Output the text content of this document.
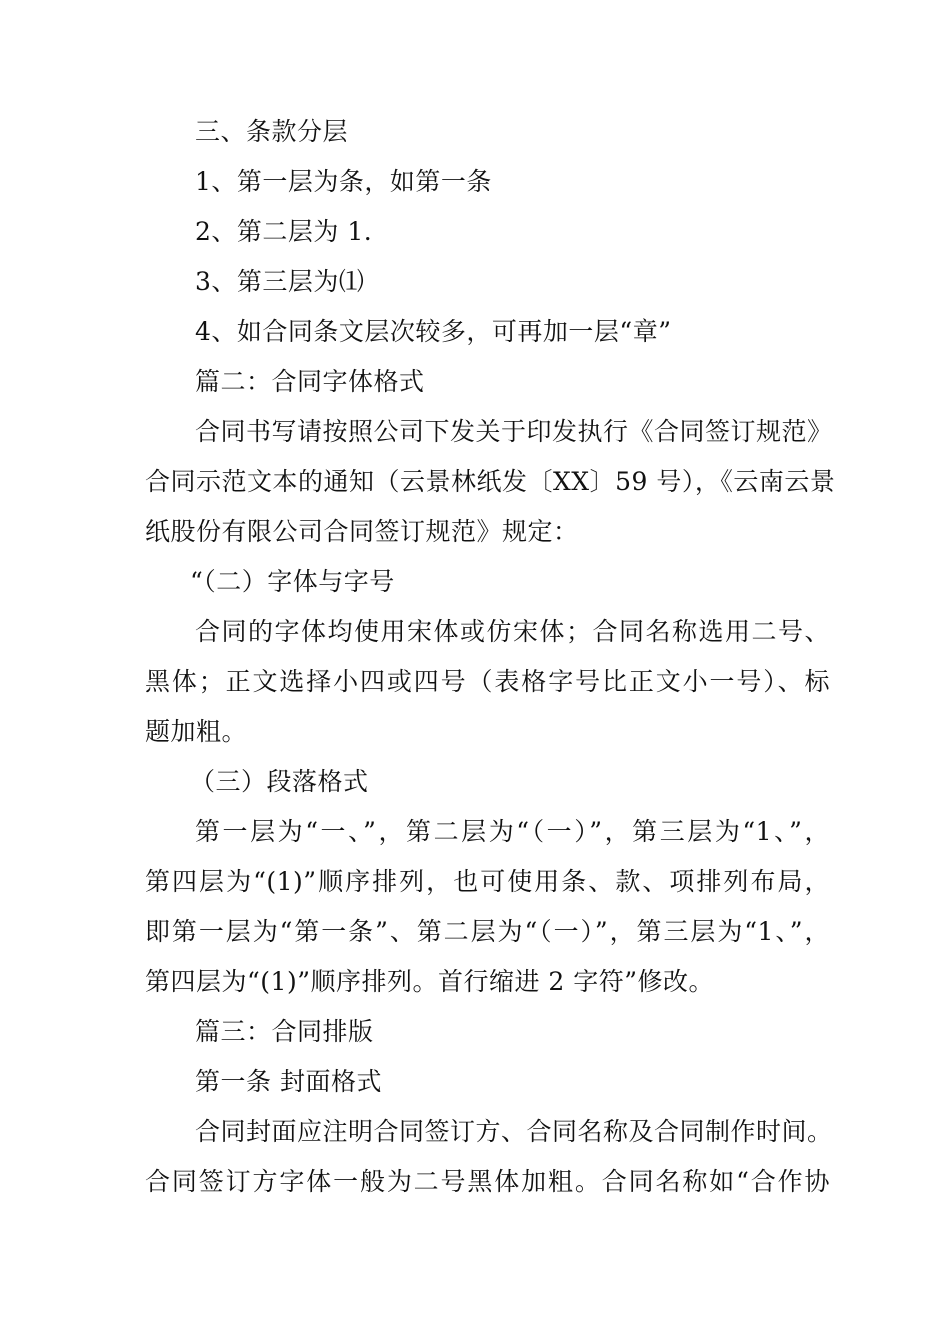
三、条款分层
1、第一层为条，如第一条
2、第二层为 1.
3、第三层为⑴
4、如合同条文层次较多，可再加一层“章”
篇二：合同字体格式
合同书写请按照公司下发关于印发执行《合同签订规范》
合同示范文本的通知（云景林纸发〔XX〕59 号），《云南云景
纸股份有限公司合同签订规范》规定：
“（二）字体与字号
合同的字体均使用宋体或仿宋体；合同名称选用二号、
黑体；正文选择小四或四号（表格字号比正文小一号）、标
题加粗。
（三）段落格式
第一层为“一、”，第二层为“（一）”，第三层为“1、”，
第四层为“(1)”顺序排列，也可使用条、款、项排列布局，
即第一层为“第一条”、第二层为“（一）”，第三层为“1、”，
第四层为“(1)”顺序排列。首行缩进 2 字符”修改。
篇三：合同排版
第一条 封面格式
合同封面应注明合同签订方、合同名称及合同制作时间。
合同签订方字体一般为二号黑体加粗。合同名称如“合作协
